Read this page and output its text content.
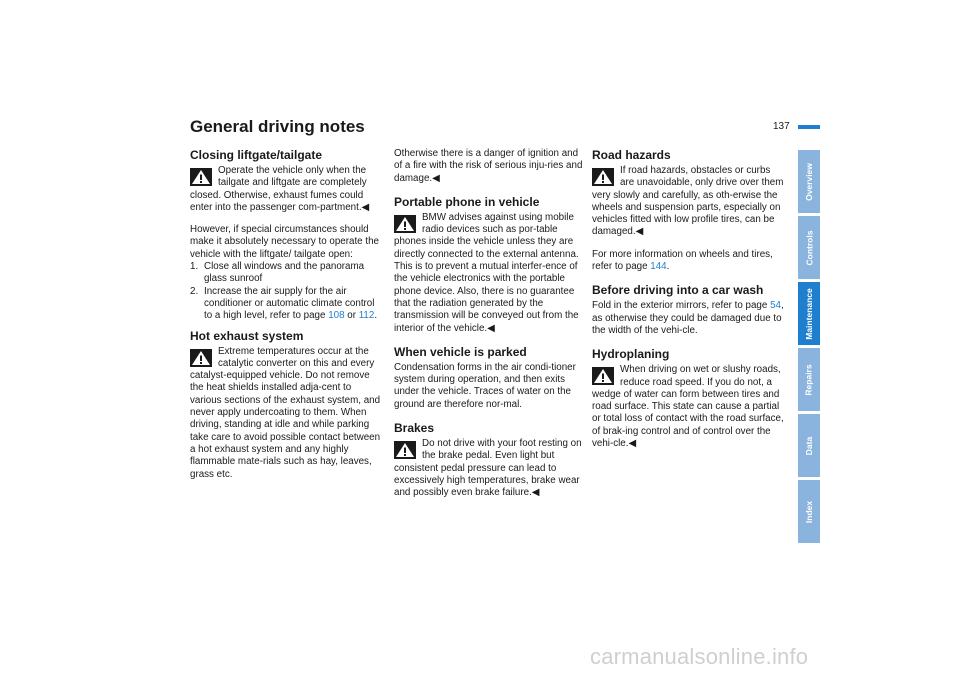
General driving notes	137
Closing liftgate/tailgate

Operate the vehicle only when the tailgate and liftgate are completely closed. Otherwise, exhaust fumes could enter into the passenger com-partment.◀

However, if special circumstances should make it absolutely necessary to operate the vehicle with the liftgate/ tailgate open:

1. Close all windows and the panorama glass sunroof
2. Increase the air supply for the air conditioner or automatic climate control to a high level, refer to page 108 or 112.
Hot exhaust system

Extreme temperatures occur at the catalytic converter on this and every catalyst-equipped vehicle. Do not remove the heat shields installed adja-cent to various sections of the exhaust system, and never apply undercoating to them. When driving, standing at idle and while parking take care to avoid possible contact between a hot exhaust system and any highly flammable mate-rials such as hay, leaves, grass etc.

Otherwise there is a danger of ignition and of a fire with the risk of serious inju-ries and damage.◀

Portable phone in vehicle

BMW advises against using mobile radio devices such as por-table phones inside the vehicle unless they are directly connected to the external antenna. This is to prevent a mutual interfer-ence of the vehicle electronics with the portable phone device. Also, there is no guarantee that the radiation generated by the transmission will be conveyed out from the interior of the vehicle.◀

When vehicle is parked

Condensation forms in the air condi-tioner system during operation, and then exits under the vehicle. Traces of water on the ground are therefore nor-mal.

Brakes

Do not drive with your foot resting on the brake pedal. Even light but consistent pedal pressure can lead to excessively high temperatures, brake wear and possibly even brake failure.◀

Road hazards

If road hazards, obstacles or curbs are unavoidable, only drive over them very slowly and carefully, as oth-erwise the wheels and suspension parts, especially on vehicles fitted with low profile tires, can be damaged.◀

For more information on wheels and tires, refer to page 144.

Before driving into a car wash

Fold in the exterior mirrors, refer to page 54, as otherwise they could be damaged due to the width of the vehi-cle.

Hydroplaning

When driving on wet or slushy roads, reduce road speed. If you do not, a wedge of water can form between tires and road surface. This state can cause a partial or total loss of contact with the road surface, of brak-ing control and of control over the vehi-cle.◀

Overview
Controls
Maintenance
Repairs
Data
Index
carmanualsonline.info
